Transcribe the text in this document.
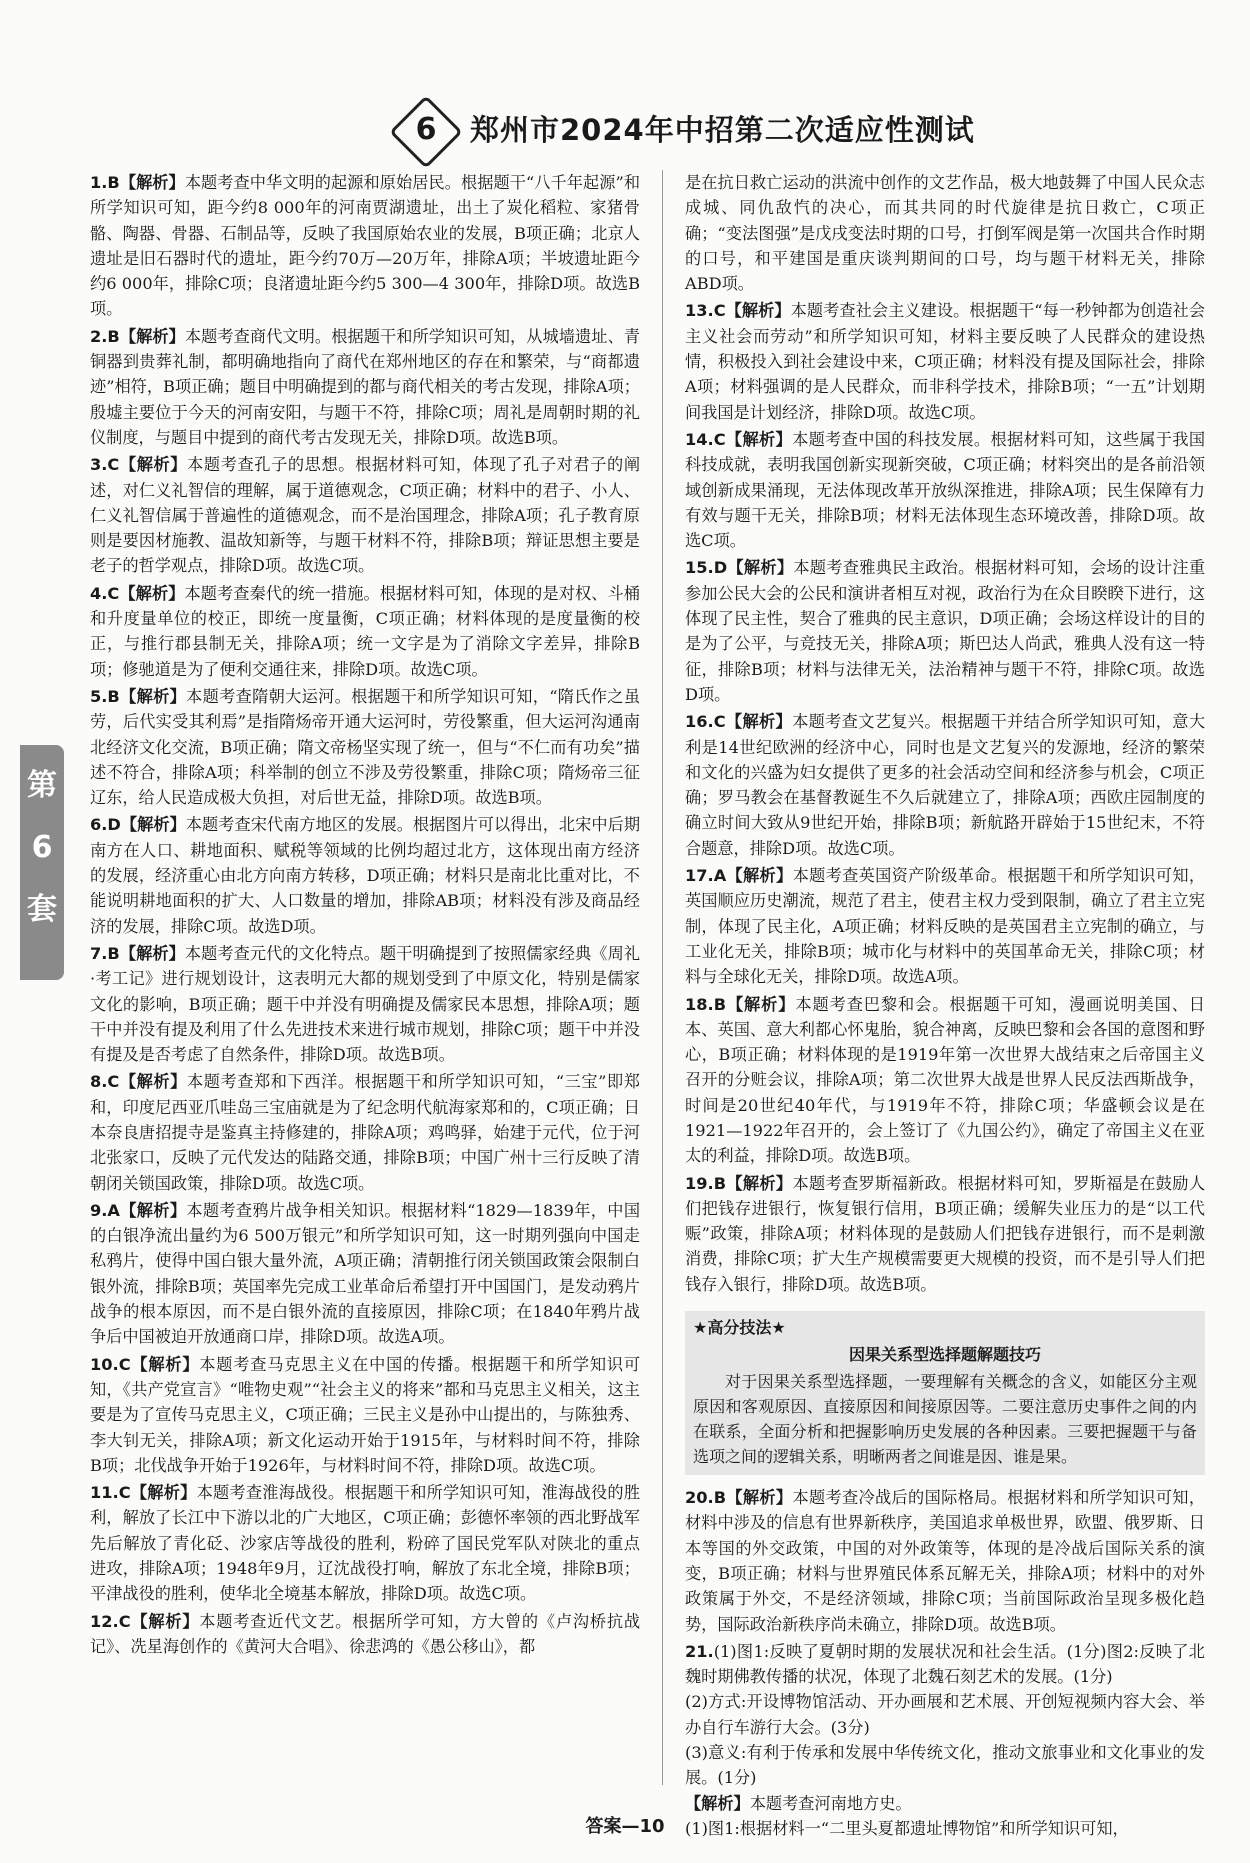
6	郑州市2024年中招第二次适应性测试
第
6
套

1.B【解析】本题考查中华文明的起源和原始居民。根据题干“八千年起源”和所学知识可知，距今约8 000年的河南贾湖遗址，出土了炭化稻粒、家猪骨骼、陶器、骨器、石制品等，反映了我国原始农业的发展，B项正确；北京人遗址是旧石器时代的遗址，距今约70万—20万年，排除A项；半坡遗址距今约6 000年，排除C项；良渚遗址距今约5 300—4 300年，排除D项。故选B项。

2.B【解析】本题考查商代文明。根据题干和所学知识可知，从城墙遗址、青铜器到贵葬礼制，都明确地指向了商代在郑州地区的存在和繁荣，与“商都遗迹”相符，B项正确；题目中明确提到的都与商代相关的考古发现，排除A项；殷墟主要位于今天的河南安阳，与题干不符，排除C项；周礼是周朝时期的礼仪制度，与题目中提到的商代考古发现无关，排除D项。故选B项。

3.C【解析】本题考查孔子的思想。根据材料可知，体现了孔子对君子的阐述，对仁义礼智信的理解，属于道德观念，C项正确；材料中的君子、小人、仁义礼智信属于普遍性的道德观念，而不是治国理念，排除A项；孔子教育原则是要因材施教、温故知新等，与题干材料不符，排除B项；辩证思想主要是老子的哲学观点，排除D项。故选C项。

4.C【解析】本题考查秦代的统一措施。根据材料可知，体现的是对权、斗桶和升度量单位的校正，即统一度量衡，C项正确；材料体现的是度量衡的校正，与推行郡县制无关，排除A项；统一文字是为了消除文字差异，排除B项；修驰道是为了便利交通往来，排除D项。故选C项。

5.B【解析】本题考查隋朝大运河。根据题干和所学知识可知，“隋氏作之虽劳，后代实受其利焉”是指隋炀帝开通大运河时，劳役繁重，但大运河沟通南北经济文化交流，B项正确；隋文帝杨坚实现了统一，但与“不仁而有功矣”描述不符合，排除A项；科举制的创立不涉及劳役繁重，排除C项；隋炀帝三征辽东，给人民造成极大负担，对后世无益，排除D项。故选B项。

6.D【解析】本题考查宋代南方地区的发展。根据图片可以得出，北宋中后期南方在人口、耕地面积、赋税等领域的比例均超过北方，这体现出南方经济的发展，经济重心由北方向南方转移，D项正确；材料只是南北比重对比，不能说明耕地面积的扩大、人口数量的增加，排除AB项；材料没有涉及商品经济的发展，排除C项。故选D项。

7.B【解析】本题考查元代的文化特点。题干明确提到了按照儒家经典《周礼·考工记》进行规划设计，这表明元大都的规划受到了中原文化，特别是儒家文化的影响，B项正确；题干中并没有明确提及儒家民本思想，排除A项；题干中并没有提及利用了什么先进技术来进行城市规划，排除C项；题干中并没有提及是否考虑了自然条件，排除D项。故选B项。

8.C【解析】本题考查郑和下西洋。根据题干和所学知识可知，“三宝”即郑和，印度尼西亚爪哇岛三宝庙就是为了纪念明代航海家郑和的，C项正确；日本奈良唐招提寺是鉴真主持修建的，排除A项；鸡鸣驿，始建于元代，位于河北张家口，反映了元代发达的陆路交通，排除B项；中国广州十三行反映了清朝闭关锁国政策，排除D项。故选C项。

9.A【解析】本题考查鸦片战争相关知识。根据材料“1829—1839年，中国的白银净流出量约为6 500万银元”和所学知识可知，这一时期列强向中国走私鸦片，使得中国白银大量外流，A项正确；清朝推行闭关锁国政策会限制白银外流，排除B项；英国率先完成工业革命后希望打开中国国门，是发动鸦片战争的根本原因，而不是白银外流的直接原因，排除C项；在1840年鸦片战争后中国被迫开放通商口岸，排除D项。故选A项。

10.C【解析】本题考查马克思主义在中国的传播。根据题干和所学知识可知，《共产党宣言》“唯物史观”“社会主义的将来”都和马克思主义相关，这主要是为了宣传马克思主义，C项正确；三民主义是孙中山提出的，与陈独秀、李大钊无关，排除A项；新文化运动开始于1915年，与材料时间不符，排除B项；北伐战争开始于1926年，与材料时间不符，排除D项。故选C项。

11.C【解析】本题考查淮海战役。根据题干和所学知识可知，淮海战役的胜利，解放了长江中下游以北的广大地区，C项正确；彭德怀率领的西北野战军先后解放了青化砭、沙家店等战役的胜利，粉碎了国民党军队对陕北的重点进攻，排除A项；1948年9月，辽沈战役打响，解放了东北全境，排除B项；平津战役的胜利，使华北全境基本解放，排除D项。故选C项。

12.C【解析】本题考查近代文艺。根据所学可知，方大曾的《卢沟桥抗战记》、冼星海创作的《黄河大合唱》、徐悲鸿的《愚公移山》，都

是在抗日救亡运动的洪流中创作的文艺作品，极大地鼓舞了中国人民众志成城、同仇敌忾的决心，而其共同的时代旋律是抗日救亡，C项正确；“变法图强”是戊戌变法时期的口号，打倒军阀是第一次国共合作时期的口号，和平建国是重庆谈判期间的口号，均与题干材料无关，排除ABD项。

13.C【解析】本题考查社会主义建设。根据题干“每一秒钟都为创造社会主义社会而劳动”和所学知识可知，材料主要反映了人民群众的建设热情，积极投入到社会建设中来，C项正确；材料没有提及国际社会，排除A项；材料强调的是人民群众，而非科学技术，排除B项；“一五”计划期间我国是计划经济，排除D项。故选C项。

14.C【解析】本题考查中国的科技发展。根据材料可知，这些属于我国科技成就，表明我国创新实现新突破，C项正确；材料突出的是各前沿领域创新成果涌现，无法体现改革开放纵深推进，排除A项；民生保障有力有效与题干无关，排除B项；材料无法体现生态环境改善，排除D项。故选C项。

15.D【解析】本题考查雅典民主政治。根据材料可知，会场的设计注重参加公民大会的公民和演讲者相互对视，政治行为在众目睽睽下进行，这体现了民主性，契合了雅典的民主意识，D项正确；会场这样设计的目的是为了公平，与竞技无关，排除A项；斯巴达人尚武，雅典人没有这一特征，排除B项；材料与法律无关，法治精神与题干不符，排除C项。故选D项。

16.C【解析】本题考查文艺复兴。根据题干并结合所学知识可知，意大利是14世纪欧洲的经济中心，同时也是文艺复兴的发源地，经济的繁荣和文化的兴盛为妇女提供了更多的社会活动空间和经济参与机会，C项正确；罗马教会在基督教诞生不久后就建立了，排除A项；西欧庄园制度的确立时间大致从9世纪开始，排除B项；新航路开辟始于15世纪末，不符合题意，排除D项。故选C项。

17.A【解析】本题考查英国资产阶级革命。根据题干和所学知识可知，英国顺应历史潮流，规范了君主，使君主权力受到限制，确立了君主立宪制，体现了民主化，A项正确；材料反映的是英国君主立宪制的确立，与工业化无关，排除B项；城市化与材料中的英国革命无关，排除C项；材料与全球化无关，排除D项。故选A项。

18.B【解析】本题考查巴黎和会。根据题干可知，漫画说明美国、日本、英国、意大利都心怀鬼胎，貌合神离，反映巴黎和会各国的意图和野心，B项正确；材料体现的是1919年第一次世界大战结束之后帝国主义召开的分赃会议，排除A项；第二次世界大战是世界人民反法西斯战争，时间是20世纪40年代，与1919年不符，排除C项；华盛顿会议是在1921—1922年召开的，会上签订了《九国公约》，确定了帝国主义在亚太的利益，排除D项。故选B项。

19.B【解析】本题考查罗斯福新政。根据材料可知，罗斯福是在鼓励人们把钱存进银行，恢复银行信用，B项正确；缓解失业压力的是“以工代赈”政策，排除A项；材料体现的是鼓励人们把钱存进银行，而不是刺激消费，排除C项；扩大生产规模需要更大规模的投资，而不是引导人们把钱存入银行，排除D项。故选B项。

★高分技法★
因果关系型选择题解题技巧

对于因果关系型选择题，一要理解有关概念的含义，如能区分主观原因和客观原因、直接原因和间接原因等。二要注意历史事件之间的内在联系，全面分析和把握影响历史发展的各种因素。三要把握题干与备选项之间的逻辑关系，明晰两者之间谁是因、谁是果。

20.B【解析】本题考查冷战后的国际格局。根据材料和所学知识可知，材料中涉及的信息有世界新秩序，美国追求单极世界，欧盟、俄罗斯、日本等国的外交政策，中国的对外政策等，体现的是冷战后国际关系的演变，B项正确；材料与世界殖民体系瓦解无关，排除A项；材料中的对外政策属于外交，不是经济领域，排除C项；当前国际政治呈现多极化趋势，国际政治新秩序尚未确立，排除D项。故选B项。

21.(1)图1:反映了夏朝时期的发展状况和社会生活。(1分)图2:反映了北魏时期佛教传播的状况，体现了北魏石刻艺术的发展。(1分)

(2)方式:开设博物馆活动、开办画展和艺术展、开创短视频内容大会、举办自行车游行大会。(3分)

(3)意义:有利于传承和发展中华传统文化，推动文旅事业和文化事业的发展。(1分)

【解析】本题考查河南地方史。

(1)图1:根据材料一“二里头夏都遗址博物馆”和所学知识可知，

答案—10
